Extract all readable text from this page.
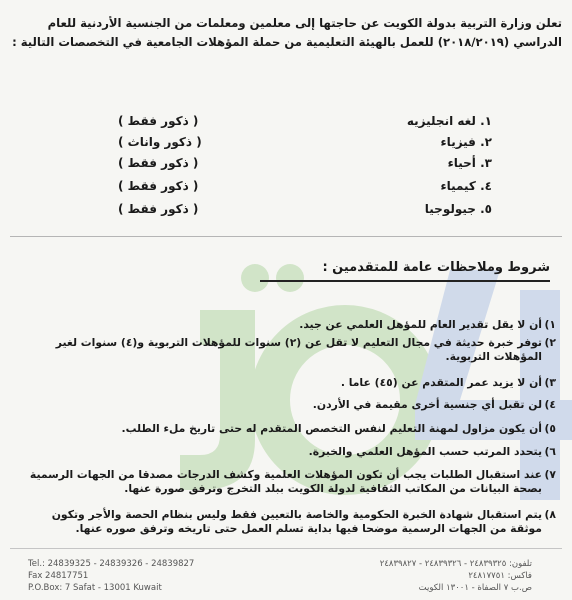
تعلن وزارة التربية بدولة الكويت عن حاجتها إلى معلمين ومعلمات من الجنسية الأردنية للعام الدراسي (٢٠١٨/٢٠١٩) للعمل بالهيئة التعليمية من حملة المؤهلات الجامعية في التخصصات التالية :
١. لغه انجليزيه
( ذكور فقط )
٢. فيزياء
( ذكور واناث )
٣. أحياء
( ذكور فقط )
٤. كيمياء
( ذكور فقط )
٥. جيولوجيا
( ذكور فقط )
شروط وملاحظات عامة للمتقدمين :
١)
أن لا يقل تقدير العام للمؤهل العلمي عن جيد.
٢)
توفر خبرة حديثة في مجال التعليم لا تقل عن (٢) سنوات للمؤهلات التربوية و(٤) سنوات لغير المؤهلات التربوية.
٣)
أن لا يزيد عمر المتقدم عن (٤٥) عاما .
٤)
لن تقبل أي جنسية أخرى مقيمة في الأردن.
٥)
أن يكون مزاول لمهنة التعليم لنفس التخصص المتقدم له حتى تاريخ ملء الطلب.
٦)
يتحدد المرتب حسب المؤهل العلمي والخبرة.
٧)
عند استقبال الطلبات يجب أن تكون المؤهلات العلمية وكشف الدرجات مصدقا من الجهات الرسمية بصحة البيانات من المكاتب الثقافية لدولة الكويت ببلد التخرج وترفق صورة عنها.
٨)
يتم استقبال شهادة الخبرة الحكومية والخاصة بالتعيين فقط وليس بنظام الحصة والأجر وتكون موثقة من الجهات الرسمية موضحا فيها بداية تسلم العمل حتى تاريخه وترفق صوره عنها.
Tel.: 24839325 - 24839326 - 24839827
Fax 24817751
P.O.Box: 7 Safat - 13001 Kuwait
تلفون: ٢٤٨٣٩٣٢٥ - ٢٤٨٣٩٣٢٦ - ٢٤٨٣٩٨٢٧
فاكس: ٢٤٨١٧٧٥١
ص.ب ٧ الصفاة - ١٣٠٠١ الكويت
